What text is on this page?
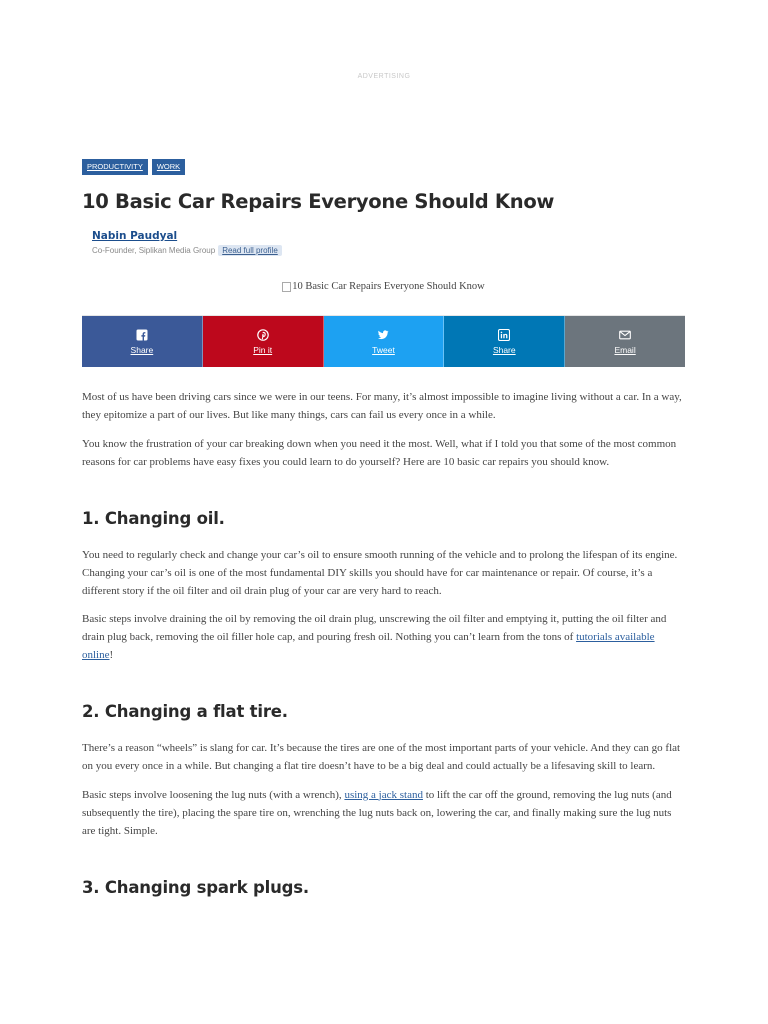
ADVERTISING
PRODUCTIVITY	WORK
10 Basic Car Repairs Everyone Should Know
Nabin Paudyal
Co-Founder, Siplikan Media Group Read full profile
10 Basic Car Repairs Everyone Should Know
Share	Pin it	Tweet	Share	Email

Most of us have been driving cars since we were in our teens. For many, it’s almost impossible to imagine living without a car. In a way, they epitomize a part of our lives. But like many things, cars can fail us every once in a while.

You know the frustration of your car breaking down when you need it the most. Well, what if I told you that some of the most common reasons for car problems have easy fixes you could learn to do yourself? Here are 10 basic car repairs you should know.

1. Changing oil.

You need to regularly check and change your car’s oil to ensure smooth running of the vehicle and to prolong the lifespan of its engine. Changing your car’s oil is one of the most fundamental DIY skills you should have for car maintenance or repair. Of course, it’s a different story if the oil filter and oil drain plug of your car are very hard to reach.

Basic steps involve draining the oil by removing the oil drain plug, unscrewing the oil filter and emptying it, putting the oil filter and drain plug back, removing the oil filler hole cap, and pouring fresh oil. Nothing you can’t learn from the tons of tutorials available online!

2. Changing a flat tire.

There’s a reason “wheels” is slang for car. It’s because the tires are one of the most important parts of your vehicle. And they can go flat on you every once in a while. But changing a flat tire doesn’t have to be a big deal and could actually be a lifesaving skill to learn.

Basic steps involve loosening the lug nuts (with a wrench), using a jack stand to lift the car off the ground, removing the lug nuts (and subsequently the tire), placing the spare tire on, wrenching the lug nuts back on, lowering the car, and finally making sure the lug nuts are tight. Simple.

3. Changing spark plugs.
